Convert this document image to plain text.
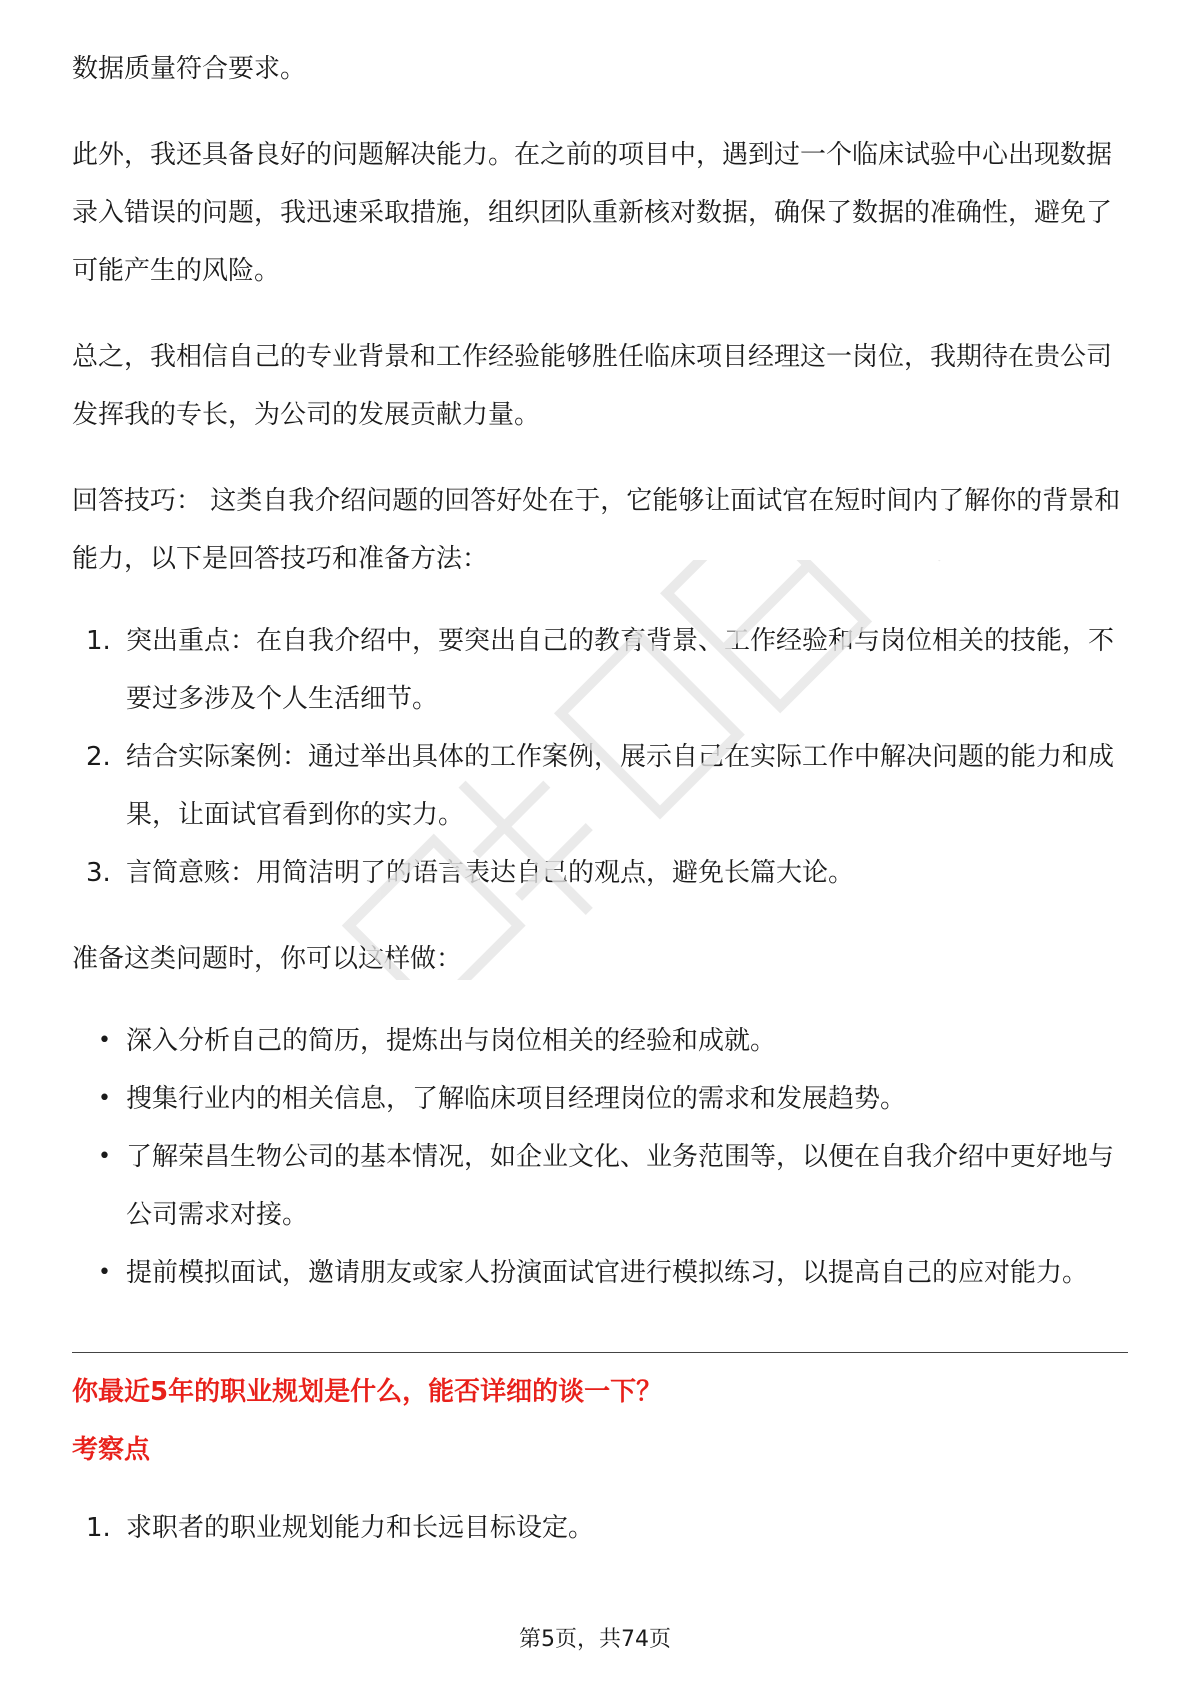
数据质量符合要求。

此外，我还具备良好的问题解决能力。在之前的项目中，遇到过一个临床试验中心出现数据录入错误的问题，我迅速采取措施，组织团队重新核对数据，确保了数据的准确性，避免了可能产生的风险。

总之，我相信自己的专业背景和工作经验能够胜任临床项目经理这一岗位，我期待在贵公司发挥我的专长，为公司的发展贡献力量。

回答技巧： 这类自我介绍问题的回答好处在于，它能够让面试官在短时间内了解你的背景和能力，以下是回答技巧和准备方法：

1. 突出重点：在自我介绍中，要突出自己的教育背景、工作经验和与岗位相关的技能，不要过多涉及个人生活细节。
2. 结合实际案例：通过举出具体的工作案例，展示自己在实际工作中解决问题的能力和成果，让面试官看到你的实力。
3. 言简意赅：用简洁明了的语言表达自己的观点，避免长篇大论。

准备这类问题时，你可以这样做：

• 深入分析自己的简历，提炼出与岗位相关的经验和成就。
• 搜集行业内的相关信息，了解临床项目经理岗位的需求和发展趋势。
• 了解荣昌生物公司的基本情况，如企业文化、业务范围等，以便在自我介绍中更好地与公司需求对接。
• 提前模拟面试，邀请朋友或家人扮演面试官进行模拟练习，以提高自己的应对能力。

你最近5年的职业规划是什么，能否详细的谈一下？

考察点

1. 求职者的职业规划能力和长远目标设定。
第5页，共74页
